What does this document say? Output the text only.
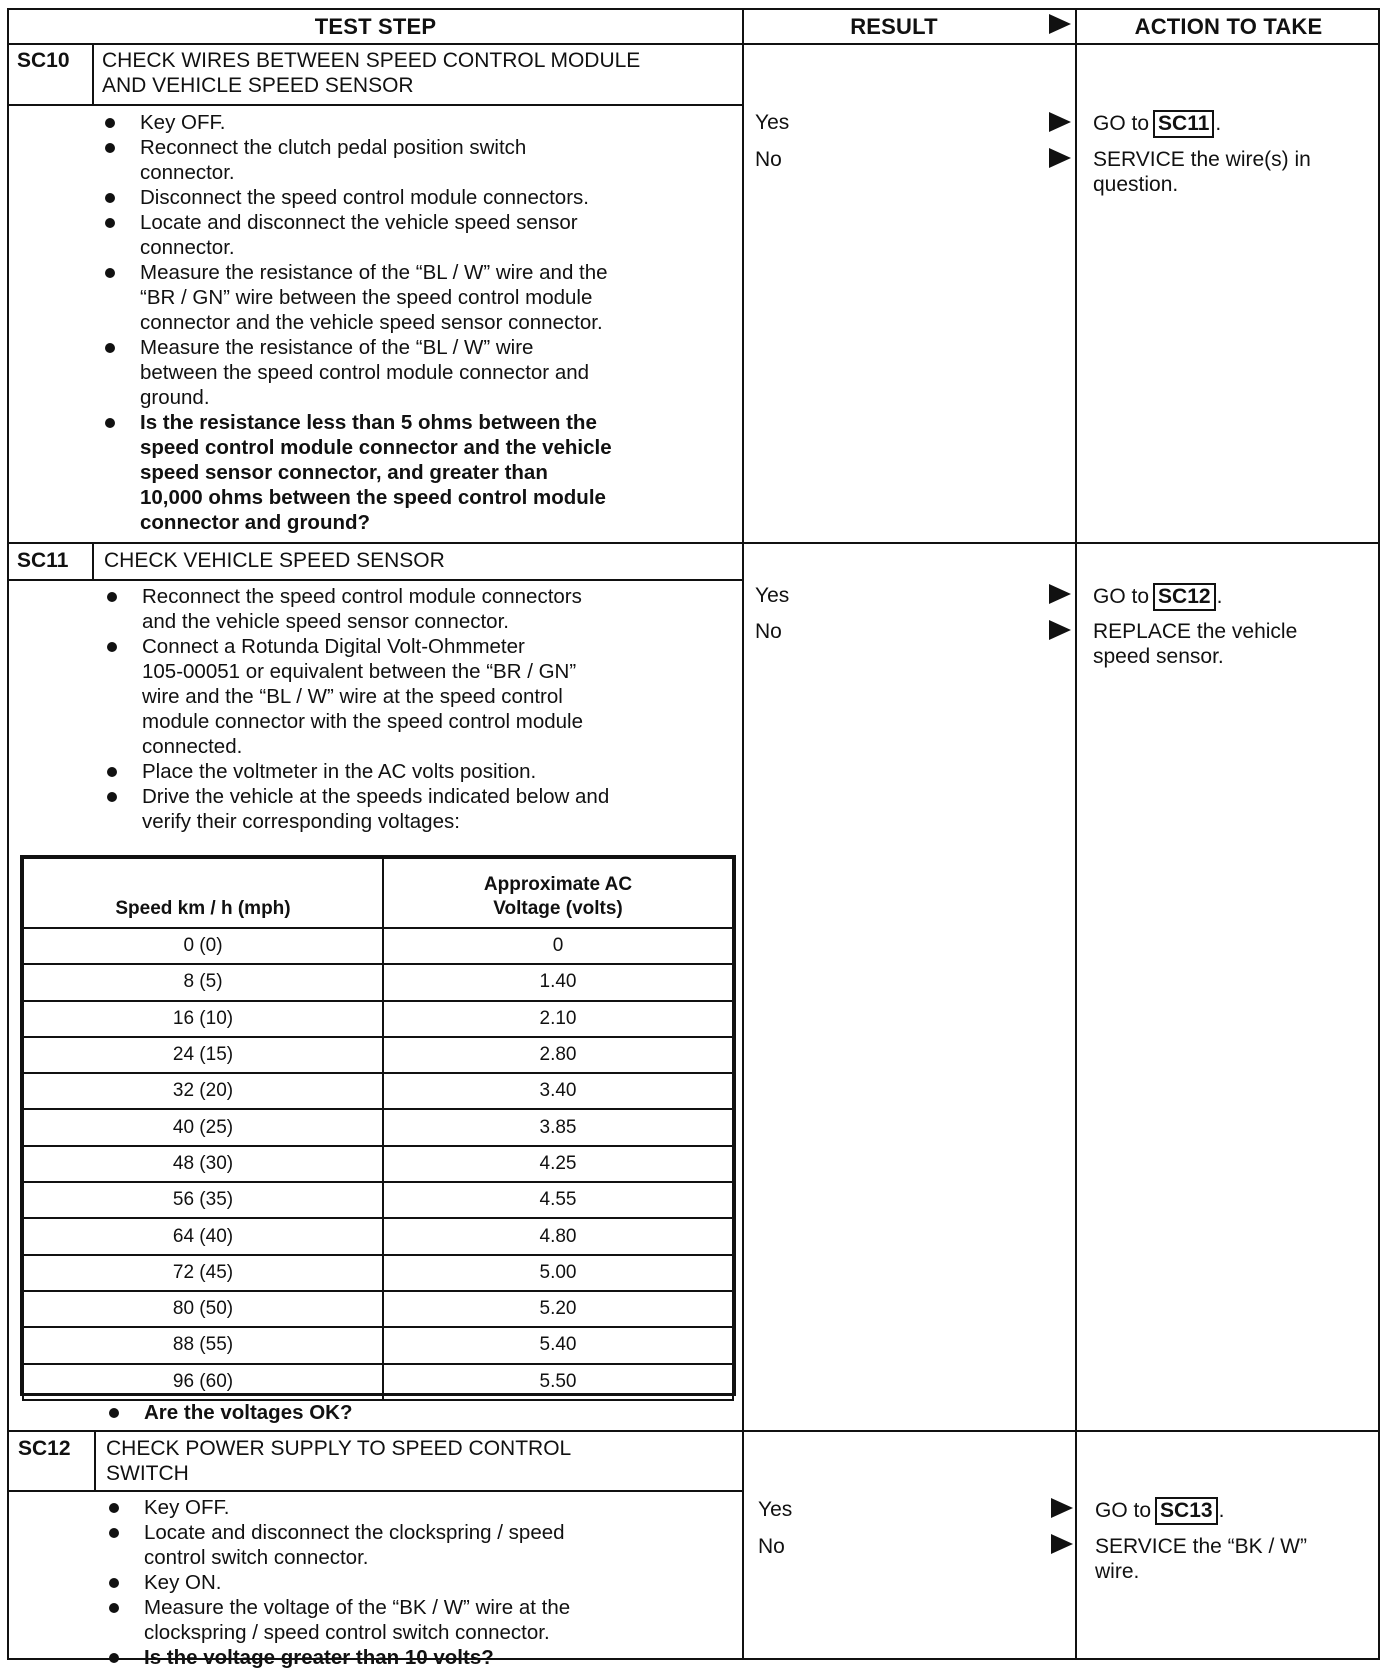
TEST STEP	RESULT	ACTION TO TAKE
SC10 CHECK WIRES BETWEEN SPEED CONTROL MODULE
AND VEHICLE SPEED SENSOR
Key OFF.
Reconnect the clutch pedal position switch
connector.
Disconnect the speed control module connectors.
Locate and disconnect the vehicle speed sensor
connector.
Measure the resistance of the “BL / W” wire and the
“BR / GN” wire between the speed control module
connector and the vehicle speed sensor connector.
Measure the resistance of the “BL / W” wire
between the speed control module connector and
ground.
Is the resistance less than 5 ohms between the
speed control module connector and the vehicle
speed sensor connector, and greater than
10,000 ohms between the speed control module
connector and ground?
Yes	GO to SC11 .
No	SERVICE the wire(s) in
question.
SC11 CHECK VEHICLE SPEED SENSOR
Reconnect the speed control module connectors
and the vehicle speed sensor connector.
Connect a Rotunda Digital Volt-Ohmmeter
105-00051 or equivalent between the “BR / GN”
wire and the “BL / W” wire at the speed control
module connector with the speed control module
connected.
Place the voltmeter in the AC volts position.
Drive the vehicle at the speeds indicated below and
verify their corresponding voltages:
Speed km / h (mph)	Approximate AC
Voltage (volts)

0 (0)	0
8 (5)	1.40
16 (10)	2.10
24 (15)	2.80
32 (20)	3.40
40 (25)	3.85
48 (30)	4.25
56 (35)	4.55
64 (40)	4.80
72 (45)	5.00
80 (50)	5.20
88 (55)	5.40
96 (60)	5.50
Are the voltages OK?
Yes	GO to SC12 .
No	REPLACE the vehicle
speed sensor.
SC12 CHECK POWER SUPPLY TO SPEED CONTROL
SWITCH
Key OFF.
Locate and disconnect the clockspring / speed
control switch connector.
Key ON.
Measure the voltage of the “BK / W” wire at the
clockspring / speed control switch connector.
Is the voltage greater than 10 volts?
Yes	GO to SC13 .
No	SERVICE the “BK / W”
wire.
